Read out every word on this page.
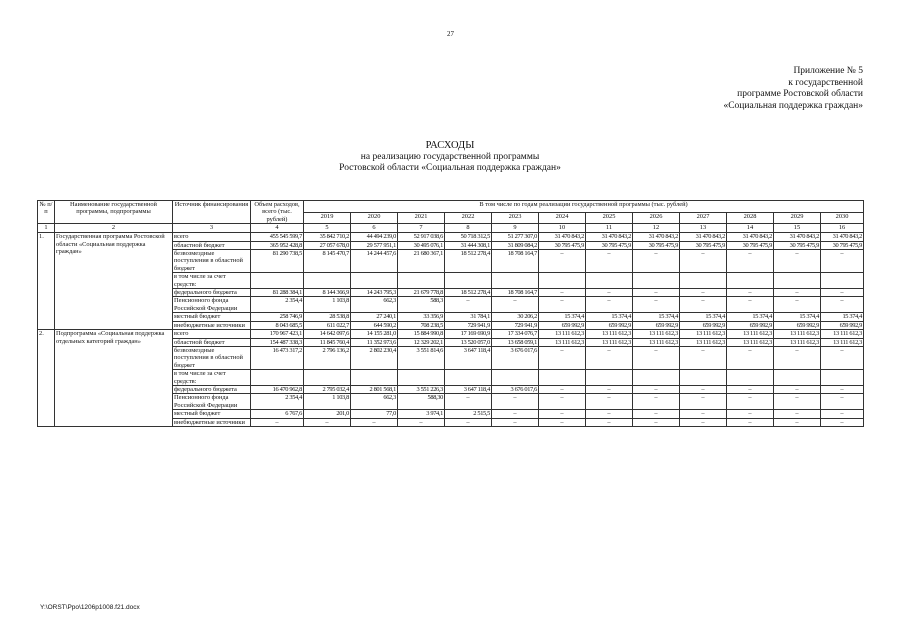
27
Приложение № 5
к государственной
программе Ростовской области
«Социальная поддержка граждан»
РАСХОДЫ
на реализацию государственной программы
Ростовской области «Социальная поддержка граждан»
№ п/п	Наименование государственной программы, подпрограммы	Источник финансирования	Объем расходов, всего (тыс. рублей)	В том числе по годам реализации государственной программы (тыс. рублей)											
				2019	2020	2021	2022	2023	2024	2025	2026	2027	2028	2029	2030
1	2	3	4	5	6	7	8	9	10	11	12	13	14	15	16
1.	Государственная программа Ростовской области «Социальная поддержка граждан»	всего	455 545 599,7	35 842 710,2	44 494 239,0	52 917 038,6	50 718 312,5	51 277 307,0	31 470 843,2	31 470 843,2	31 470 843,2	31 470 843,2	31 470 843,2	31 470 843,2	31 470 843,2
		областной бюджет	365 952 428,8	27 057 678,0	29 577 951,1	30 495 076,1	31 444 308,1	31 809 084,2	30 795 475,9	30 795 475,9	30 795 475,9	30 795 475,9	30 795 475,9	30 795 475,9	30 795 475,9
		безвозмездные поступления в областной бюджет	81 290 738,5	8 145 470,7	14 244 457,6	21 680 367,1	18 512 278,4	18 708 164,7	–	–	–	–	–	–	–
		в том числе за счет средств:													
		федерального бюджета	81 288 384,1	8 144 366,9	14 243 795,3	21 679 778,8	18 512 278,4	18 708 164,7	–	–	–	–	–	–	–
		Пенсионного фонда Российской Федерации	2 354,4	1 103,8	662,3	588,3	–	–	–	–	–	–	–	–	–
		местный бюджет	258 746,9	28 538,8	27 240,1	33 356,9	31 784,1	30 206,2	15 374,4	15 374,4	15 374,4	15 374,4	15 374,4	15 374,4	15 374,4
		внебюджетные источники	8 043 685,5	611 022,7	644 590,2	708 238,5	729 941,9	729 941,9	659 992,9	659 992,9	659 992,9	659 992,9	659 992,9	659 992,9	659 992,9
2.	Подпрограмма «Социальная поддержка отдельных категорий граждан»	всего	170 967 423,1	14 642 097,6	14 155 281,0	15 884 990,8	17 169 690,9	17 334 076,7	13 111 612,3	13 111 612,3	13 111 612,3	13 111 612,3	13 111 612,3	13 111 612,3	13 111 612,3
		областной бюджет	154 487 338,3	11 845 760,4	11 352 973,6	12 329 202,1	13 520 057,0	13 658 059,1	13 111 612,3	13 111 612,3	13 111 612,3	13 111 612,3	13 111 612,3	13 111 612,3	13 111 612,3
		безвозмездные поступления в областной бюджет	16 473 317,2	2 796 136,2	2 802 230,4	3 551 814,6	3 647 118,4	3 676 017,6	–	–	–	–	–	–	–
		в том числе за счет средств:													
		федерального бюджета	16 470 962,8	2 795 032,4	2 801 568,1	3 551 226,3	3 647 118,4	3 676 017,6	–	–	–	–	–	–	–
		Пенсионного фонда Российской Федерации	2 354,4	1 103,8	662,3	588,30	–	–	–	–	–	–	–	–	–
		местный бюджет	6 767,6	201,0	77,0	3 974,1	2 515,5	–	–	–	–	–	–	–	–
		внебюджетные источники	–	–	–	–	–	–	–	–	–	–	–	–	–
Y:\ORST\Ppo\1206p1008.f21.docx
